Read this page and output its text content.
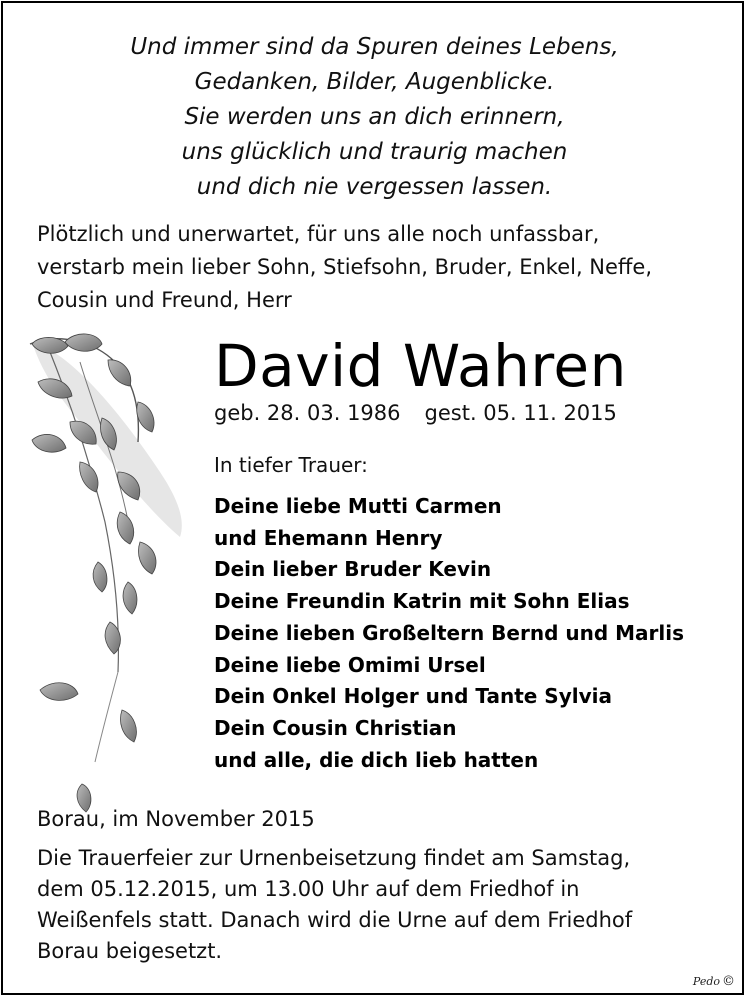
Und immer sind da Spuren deines Lebens,
Gedanken, Bilder, Augenblicke.
Sie werden uns an dich erinnern,
uns glücklich und traurig machen
und dich nie vergessen lassen.
Plötzlich und unerwartet, für uns alle noch unfassbar,
verstarb mein lieber Sohn, Stiefsohn, Bruder, Enkel, Neffe,
Cousin und Freund, Herr
David Wahren
geb. 28. 03. 1986 gest. 05. 11. 2015
In tiefer Trauer:
Deine liebe Mutti Carmen
und Ehemann Henry
Dein lieber Bruder Kevin
Deine Freundin Katrin mit Sohn Elias
Deine lieben Großeltern Bernd und Marlis
Deine liebe Omimi Ursel
Dein Onkel Holger und Tante Sylvia
Dein Cousin Christian
und alle, die dich lieb hatten
Borau, im November 2015
Die Trauerfeier zur Urnenbeisetzung findet am Samstag,
dem 05.12.2015, um 13.00 Uhr auf dem Friedhof in
Weißenfels statt. Danach wird die Urne auf dem Friedhof
Borau beigesetzt.
Pedo ©
